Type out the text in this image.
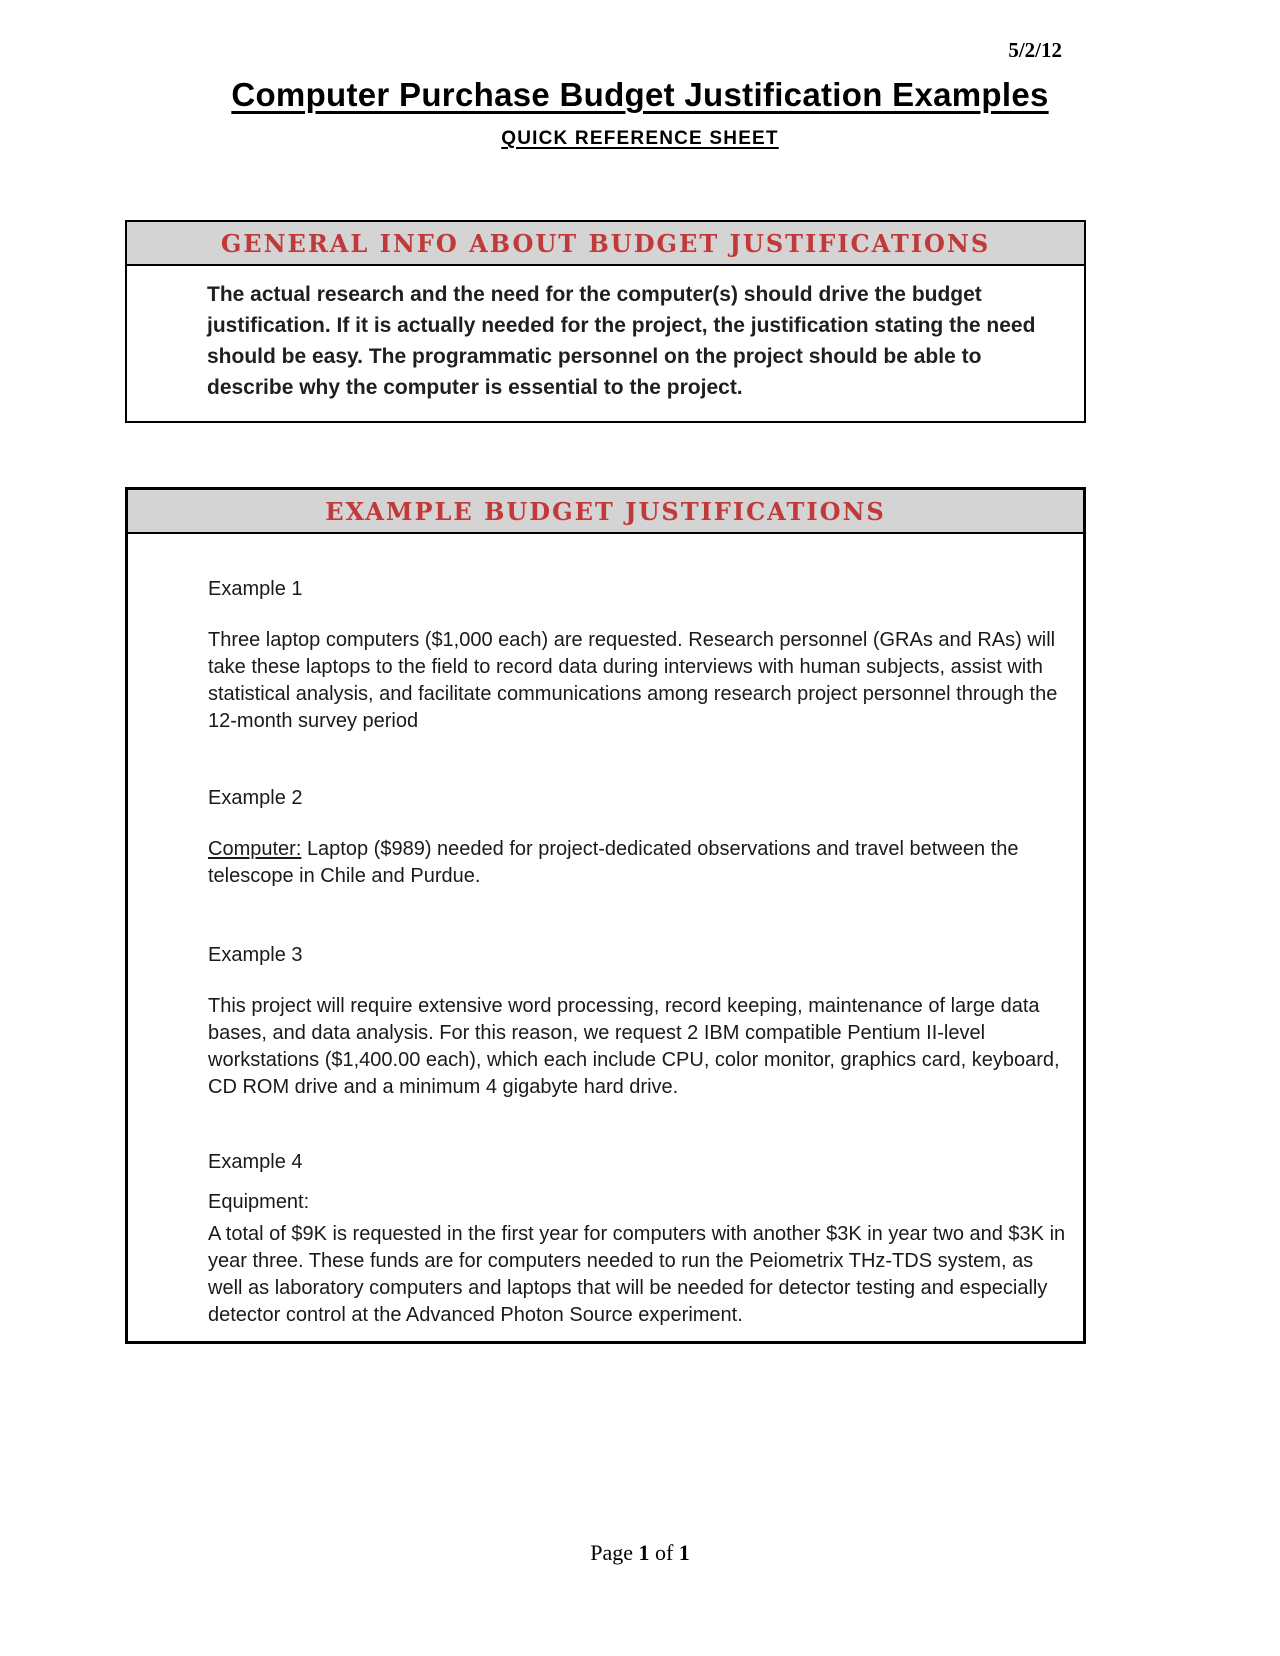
5/2/12
Computer Purchase Budget Justification Examples
QUICK REFERENCE SHEET
GENERAL INFO ABOUT BUDGET JUSTIFICATIONS
The actual research and the need for the computer(s) should drive the budget justification. If it is actually needed for the project, the justification stating the need should be easy. The programmatic personnel on the project should be able to describe why the computer is essential to the project.
EXAMPLE BUDGET JUSTIFICATIONS

Example 1

Three laptop computers ($1,000 each) are requested. Research personnel (GRAs and RAs) will take these laptops to the field to record data during interviews with human subjects, assist with statistical analysis, and facilitate communications among research project personnel through the 12-month survey period

Example 2

Computer: Laptop ($989) needed for project-dedicated observations and travel between the telescope in Chile and Purdue.

Example 3

This project will require extensive word processing, record keeping, maintenance of large data bases, and data analysis. For this reason, we request 2 IBM compatible Pentium II-level workstations ($1,400.00 each), which each include CPU, color monitor, graphics card, keyboard, CD ROM drive and a minimum 4 gigabyte hard drive.

Example 4

Equipment:

A total of $9K is requested in the first year for computers with another $3K in year two and $3K in year three. These funds are for computers needed to run the Peiometrix THz-TDS system, as well as laboratory computers and laptops that will be needed for detector testing and especially detector control at the Advanced Photon Source experiment.

Page 1 of 1
